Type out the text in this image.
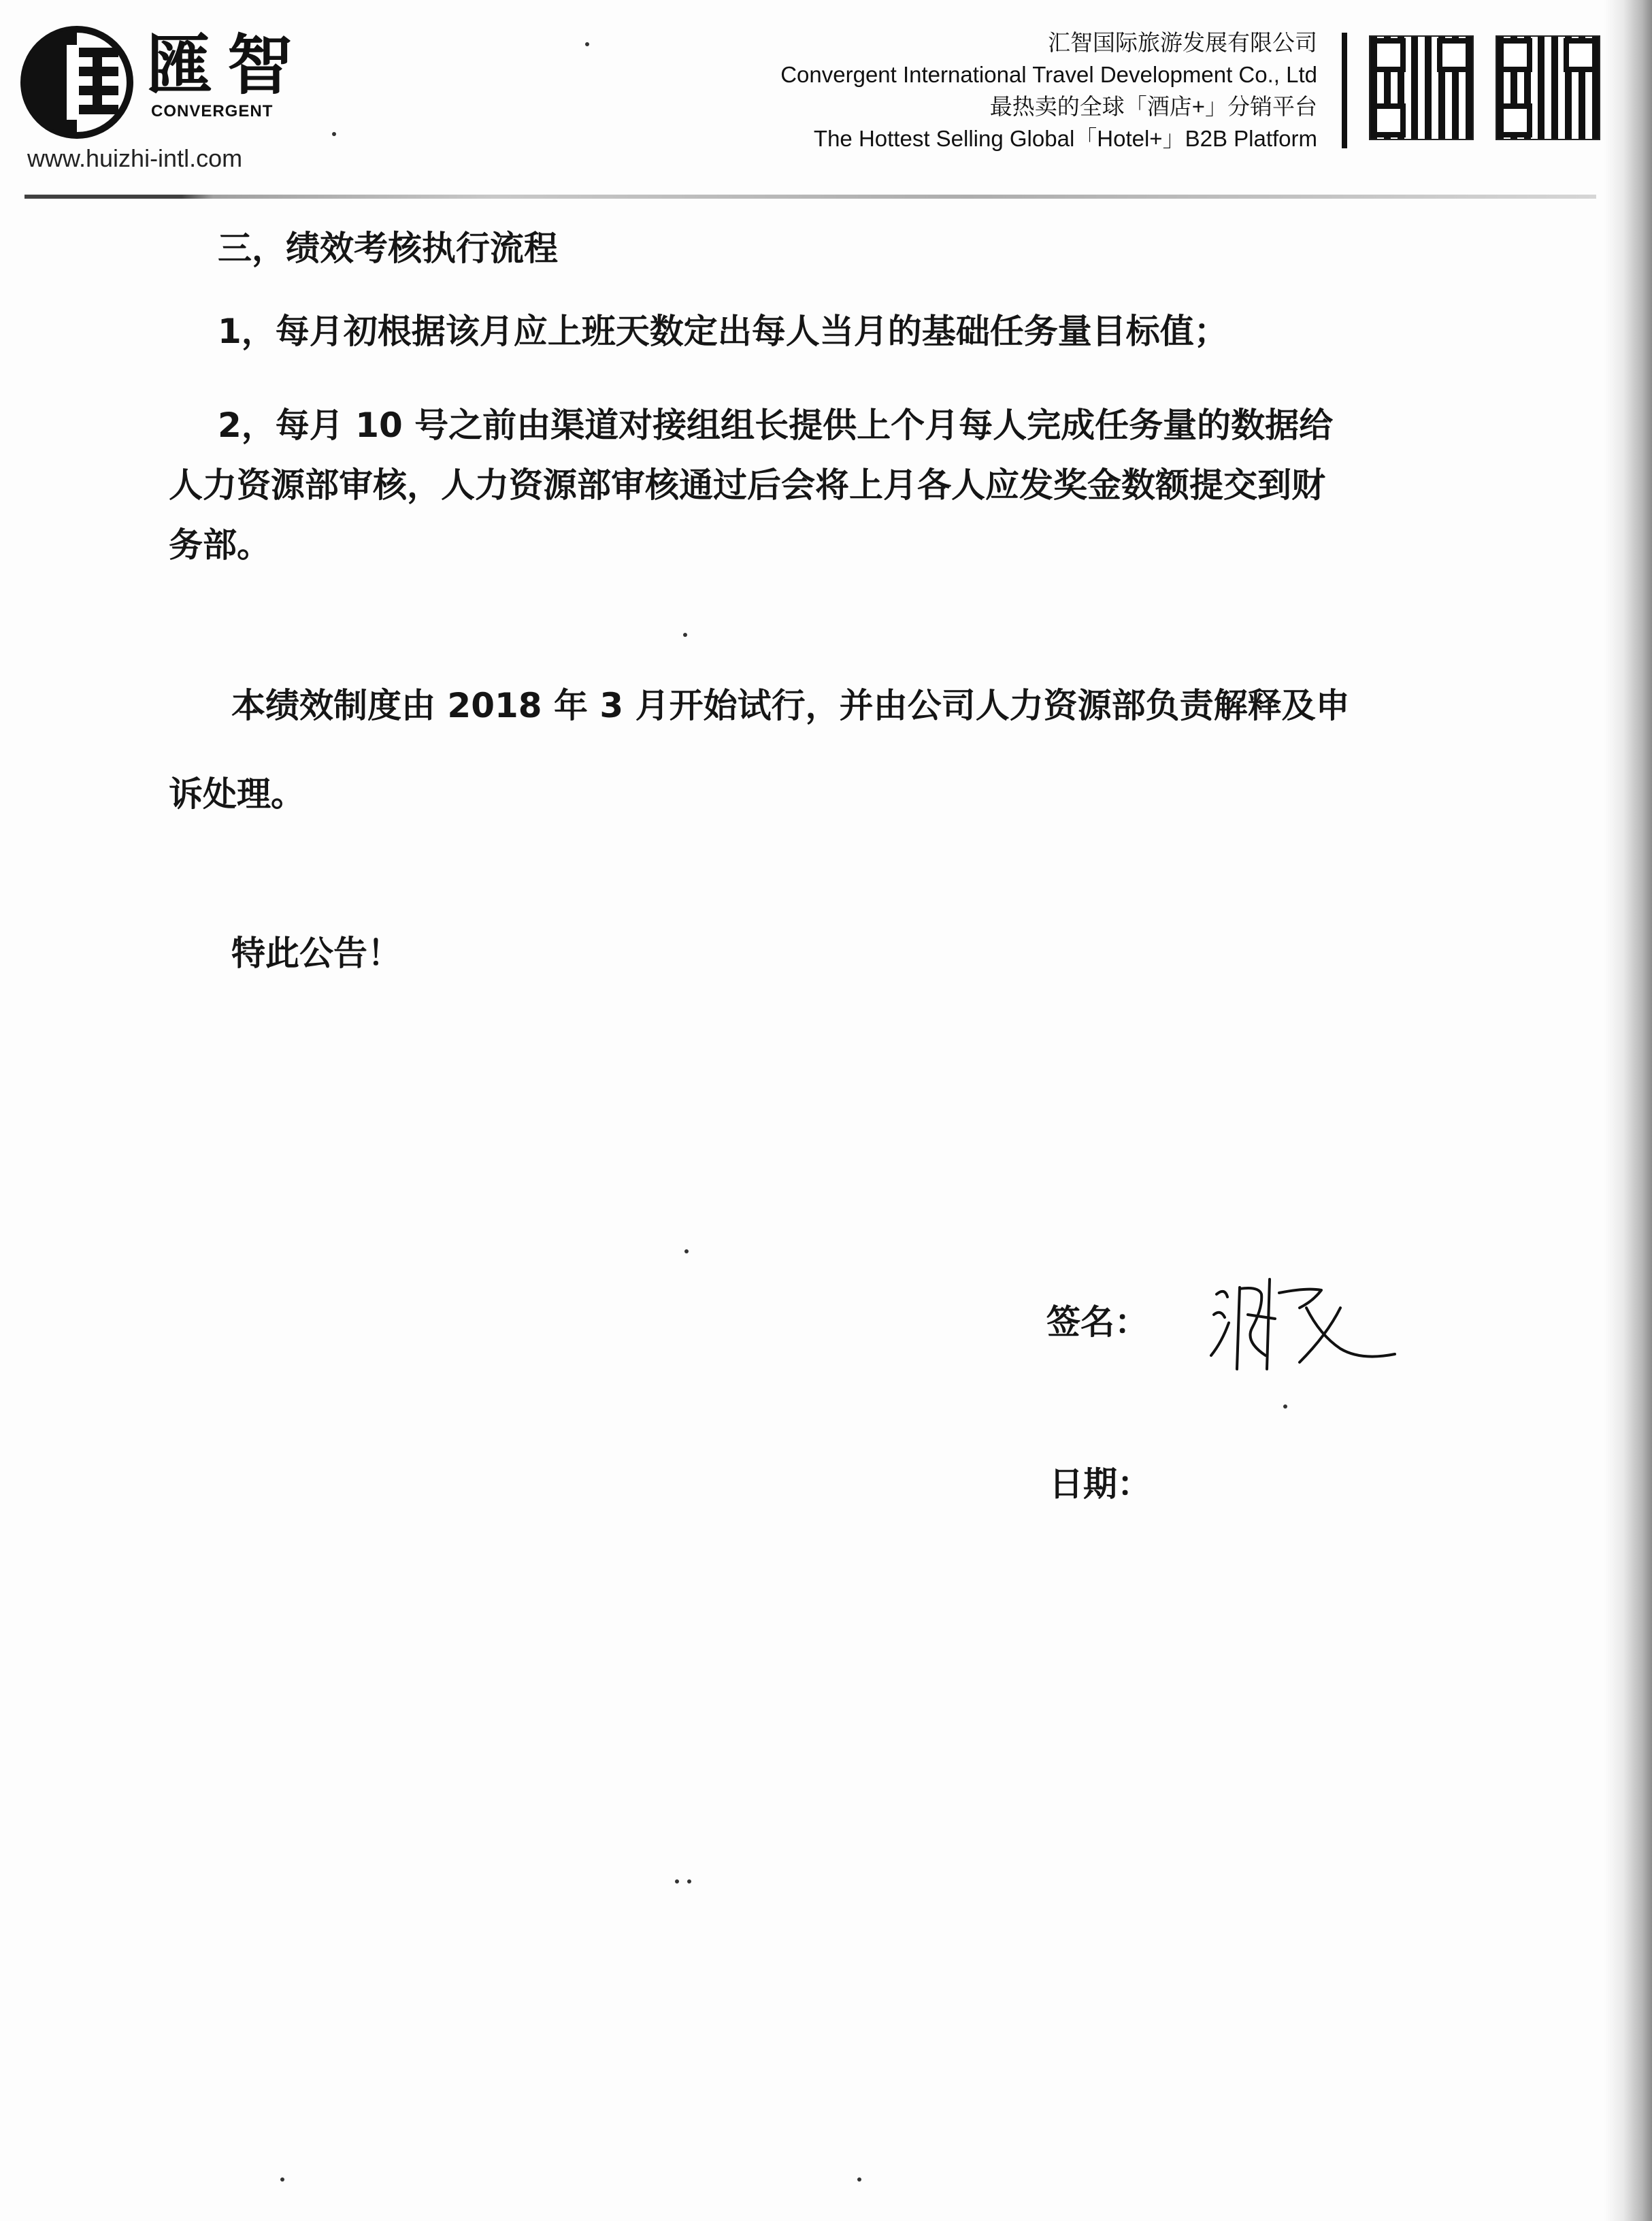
匯智
CONVERGENT
www.huizhi-intl.com
汇智国际旅游发展有限公司
Convergent International Travel Development Co., Ltd
最热卖的全球「酒店+」分销平台
The Hottest Selling Global「Hotel+」B2B Platform
三，绩效考核执行流程
1，每月初根据该月应上班天数定出每人当月的基础任务量目标值；
2，每月 10 号之前由渠道对接组组长提供上个月每人完成任务量的数据给
人力资源部审核，人力资源部审核通过后会将上月各人应发奖金数额提交到财
务部。
本绩效制度由 2018 年 3 月开始试行，并由公司人力资源部负责解释及申
诉处理。
特此公告！
签名：
日期：
